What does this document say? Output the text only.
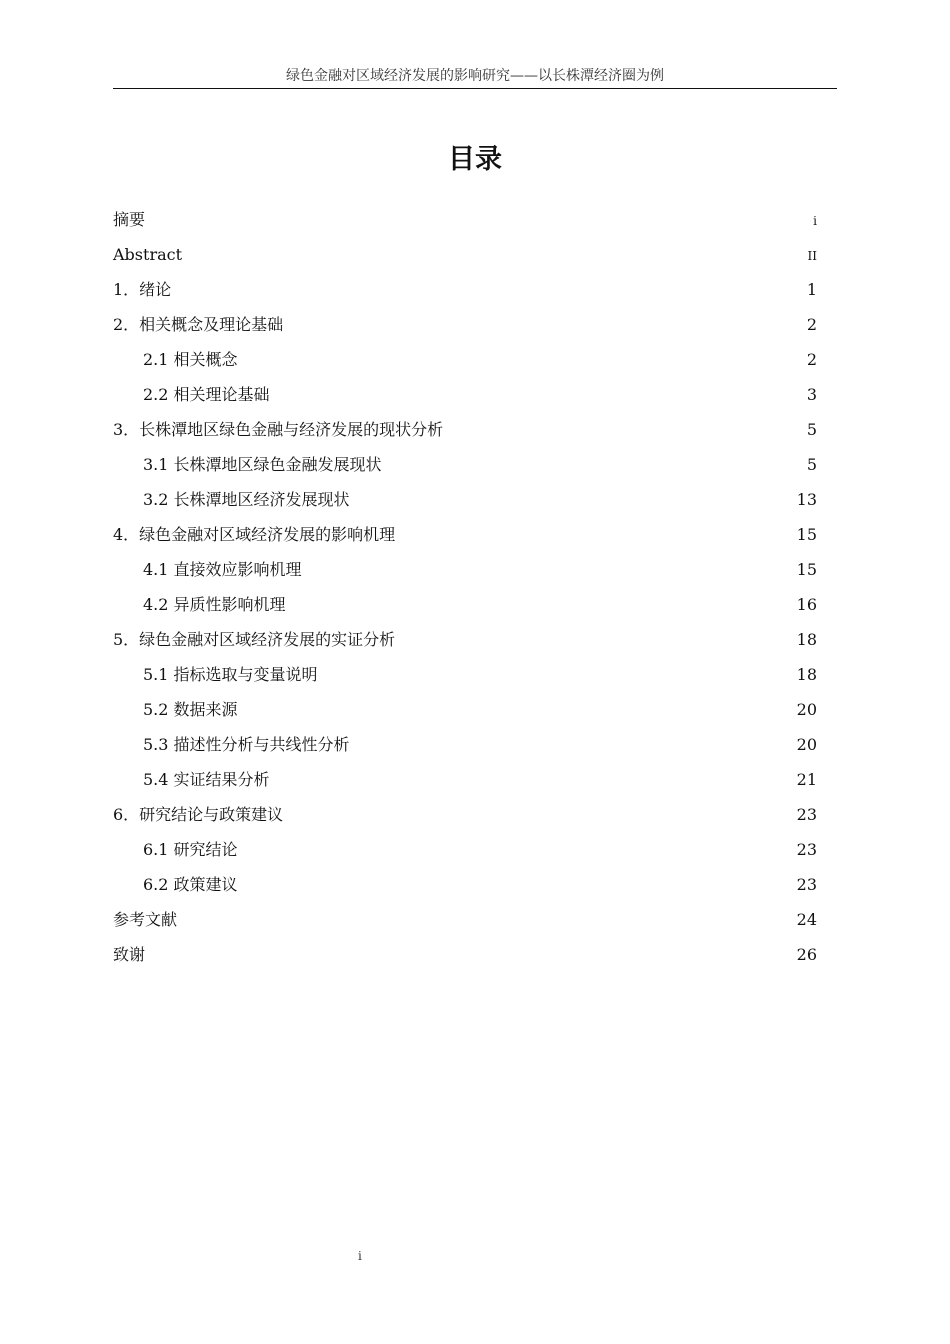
绿色金融对区域经济发展的影响研究——以长株潭经济圈为例
目录
摘要	i
Abstract	II
1．绪论	1
2．相关概念及理论基础	2
2.1 相关概念	2
2.2 相关理论基础	3
3．长株潭地区绿色金融与经济发展的现状分析	5
3.1 长株潭地区绿色金融发展现状	5
3.2 长株潭地区经济发展现状	13
4．绿色金融对区域经济发展的影响机理	15
4.1 直接效应影响机理	15
4.2 异质性影响机理	16
5．绿色金融对区域经济发展的实证分析	18
5.1 指标选取与变量说明	18
5.2 数据来源	20
5.3 描述性分析与共线性分析	20
5.4 实证结果分析	21
6．研究结论与政策建议	23
6.1 研究结论	23
6.2 政策建议	23
参考文献	24
致谢	26
i
